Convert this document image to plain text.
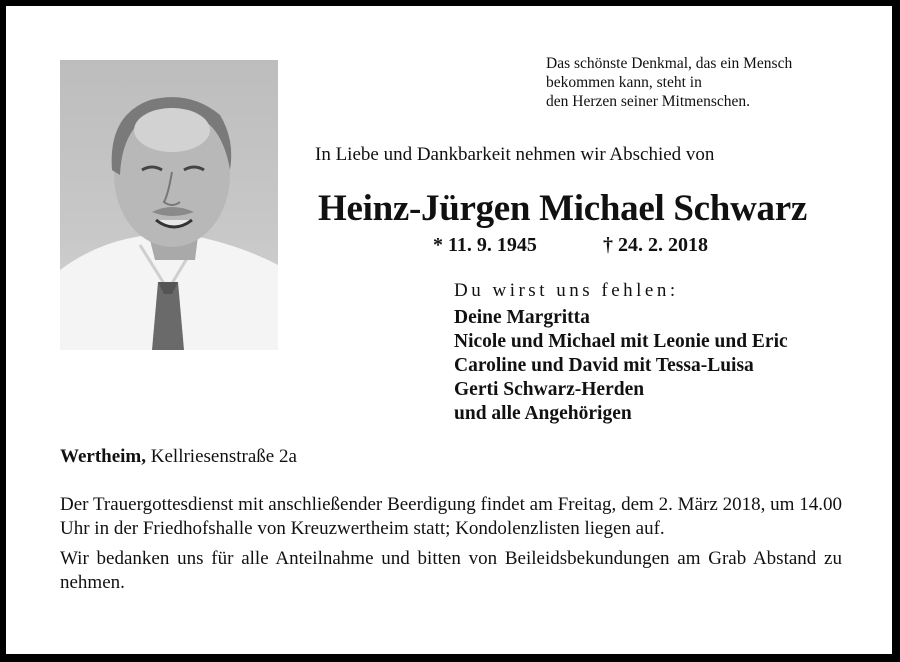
Das schönste Denkmal, das ein Mensch
bekommen kann, steht in
den Herzen seiner Mitmenschen.
In Liebe und Dankbarkeit nehmen wir Abschied von
Heinz-Jürgen Michael Schwarz
* 11. 9. 1945	† 24. 2. 2018
Du wirst uns fehlen:
Deine Margritta
Nicole und Michael mit Leonie und Eric
Caroline und David mit Tessa-Luisa
Gerti Schwarz-Herden
und alle Angehörigen
Wertheim, Kellriesenstraße 2a

Der Trauergottesdienst mit anschließender Beerdigung findet am Freitag, dem 2. März 2018, um 14.00 Uhr in der Friedhofshalle von Kreuzwertheim statt; Kondolenzlisten liegen auf.

Wir bedanken uns für alle Anteilnahme und bitten von Beileidsbekundungen am Grab Abstand zu nehmen.
